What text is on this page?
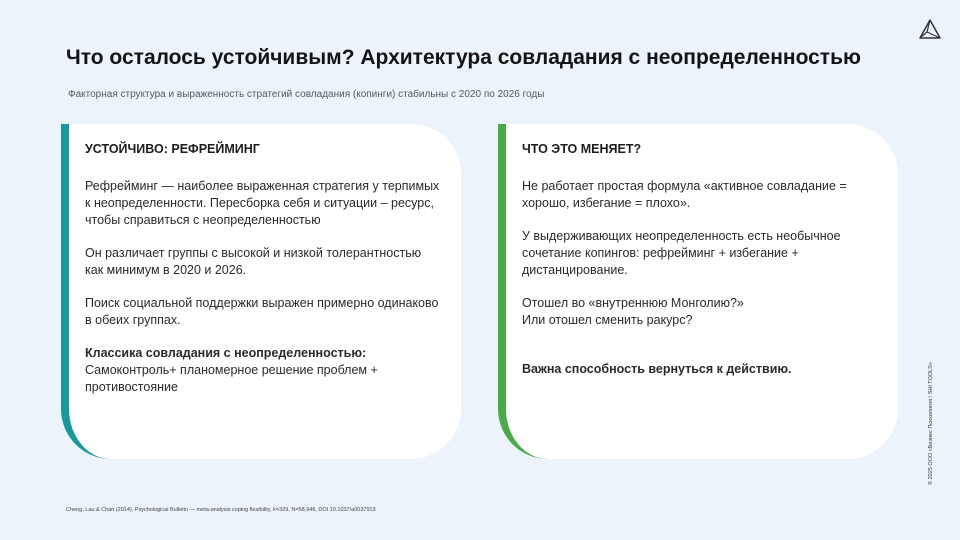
Что осталось устойчивым? Архитектура совладания с неопределенностью
Факторная структура и выраженность стратегий совладания (копинги) стабильны с 2020 по 2026 годы
УСТОЙЧИВО: РЕФРЕЙМИНГ

Рефрейминг — наиболее выраженная стратегия у терпимых к неопределенности. Пересборка себя и ситуации – ресурс, чтобы справиться с неопределенностью

Он различает группы с высокой и низкой толерантностью как минимум в 2020 и 2026.

Поиск социальной поддержки выражен примерно одинаково в обеих группах.

Классика совладания с неопределенностью:
Самоконтроль+ планомерное решение проблем + противостояние

ЧТО ЭТО МЕНЯЕТ?

Не работает простая формула «активное совладание = хорошо, избегание = плохо».

У выдерживающих неопределенность есть необычное сочетание копингов: рефрейминг + избегание + дистанцирование.

Отошел во «внутреннюю Монголию?»
Или отошел сменить ракурс?

Важна способность вернуться к действию.

Cheng, Lau & Chan (2014), Psychological Bulletin — meta-analysis coping flexibility, k=329, N=58,946, DOI 10.1037/a0037913
© 2025 ООО «Бизнес Психология / SHI TOOLS»
